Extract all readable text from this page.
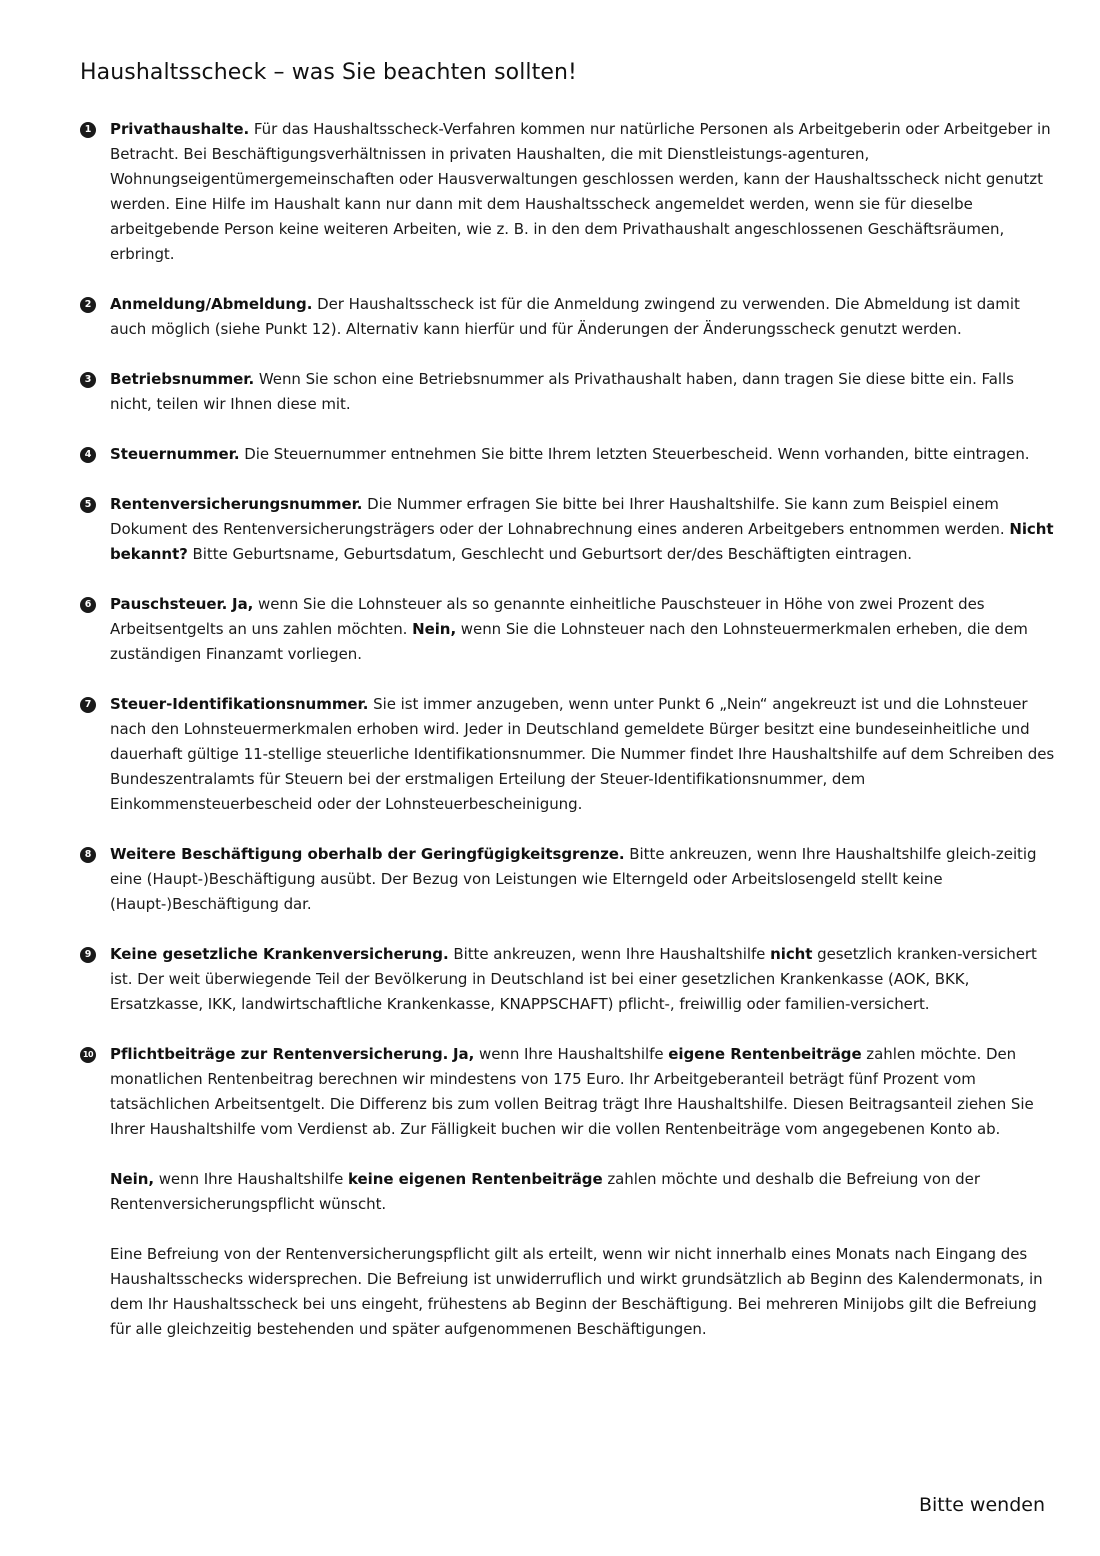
Haushaltsscheck – was Sie beachten sollten!
1	Privathaushalte. Für das Haushaltsscheck-Verfahren kommen nur natürliche Personen als Arbeitgeberin oder Arbeitgeber in Betracht. Bei Beschäftigungsverhältnissen in privaten Haushalten, die mit Dienstleistungs-agenturen, Wohnungseigentümergemeinschaften oder Hausverwaltungen geschlossen werden, kann der Haushaltsscheck nicht genutzt werden. Eine Hilfe im Haushalt kann nur dann mit dem Haushaltsscheck angemeldet werden, wenn sie für dieselbe arbeitgebende Person keine weiteren Arbeiten, wie z. B. in den dem Privathaushalt angeschlossenen Geschäftsräumen, erbringt.

2	Anmeldung/Abmeldung. Der Haushaltsscheck ist für die Anmeldung zwingend zu verwenden. Die Abmeldung ist damit auch möglich (siehe Punkt 12). Alternativ kann hierfür und für Änderungen der Änderungsscheck genutzt werden.

3	Betriebsnummer. Wenn Sie schon eine Betriebsnummer als Privathaushalt haben, dann tragen Sie diese bitte ein. Falls nicht, teilen wir Ihnen diese mit.

4	Steuernummer. Die Steuernummer entnehmen Sie bitte Ihrem letzten Steuerbescheid. Wenn vorhanden, bitte eintragen.

5	Rentenversicherungsnummer. Die Nummer erfragen Sie bitte bei Ihrer Haushaltshilfe. Sie kann zum Beispiel einem Dokument des Rentenversicherungsträgers oder der Lohnabrechnung eines anderen Arbeitgebers entnommen werden. Nicht bekannt? Bitte Geburtsname, Geburtsdatum, Geschlecht und Geburtsort der/des Beschäftigten eintragen.

6	Pauschsteuer. Ja, wenn Sie die Lohnsteuer als so genannte einheitliche Pauschsteuer in Höhe von zwei Prozent des Arbeitsentgelts an uns zahlen möchten. Nein, wenn Sie die Lohnsteuer nach den Lohnsteuermerkmalen erheben, die dem zuständigen Finanzamt vorliegen.

7	Steuer-Identifikationsnummer. Sie ist immer anzugeben, wenn unter Punkt 6 „Nein“ angekreuzt ist und die Lohnsteuer nach den Lohnsteuermerkmalen erhoben wird. Jeder in Deutschland gemeldete Bürger besitzt eine bundeseinheitliche und dauerhaft gültige 11-stellige steuerliche Identifikationsnummer. Die Nummer findet Ihre Haushaltshilfe auf dem Schreiben des Bundeszentralamts für Steuern bei der erstmaligen Erteilung der Steuer-Identifikationsnummer, dem Einkommensteuerbescheid oder der Lohnsteuerbescheinigung.

8	Weitere Beschäftigung oberhalb der Geringfügigkeitsgrenze. Bitte ankreuzen, wenn Ihre Haushaltshilfe gleich-zeitig eine (Haupt-)Beschäftigung ausübt. Der Bezug von Leistungen wie Elterngeld oder Arbeitslosengeld stellt keine (Haupt-)Beschäftigung dar.

9	Keine gesetzliche Krankenversicherung. Bitte ankreuzen, wenn Ihre Haushaltshilfe nicht gesetzlich kranken-versichert ist. Der weit überwiegende Teil der Bevölkerung in Deutschland ist bei einer gesetzlichen Krankenkasse (AOK, BKK, Ersatzkasse, IKK, landwirtschaftliche Krankenkasse, KNAPPSCHAFT) pflicht-, freiwillig oder familien-versichert.

10 Pflichtbeiträge zur Rentenversicherung. Ja, wenn Ihre Haushaltshilfe eigene Rentenbeiträge zahlen möchte. Den monatlichen Rentenbeitrag berechnen wir mindestens von 175 Euro. Ihr Arbeitgeberanteil beträgt fünf Prozent vom tatsächlichen Arbeitsentgelt. Die Differenz bis zum vollen Beitrag trägt Ihre Haushaltshilfe. Diesen Beitragsanteil ziehen Sie Ihrer Haushaltshilfe vom Verdienst ab. Zur Fälligkeit buchen wir die vollen Rentenbeiträge vom angegebenen Konto ab.

Nein, wenn Ihre Haushaltshilfe keine eigenen Rentenbeiträge zahlen möchte und deshalb die Befreiung von der Rentenversicherungspflicht wünscht.

Eine Befreiung von der Rentenversicherungspflicht gilt als erteilt, wenn wir nicht innerhalb eines Monats nach Eingang des Haushaltsschecks widersprechen. Die Befreiung ist unwiderruflich und wirkt grundsätzlich ab Beginn des Kalendermonats, in dem Ihr Haushaltsscheck bei uns eingeht, frühestens ab Beginn der Beschäftigung. Bei mehreren Minijobs gilt die Befreiung für alle gleichzeitig bestehenden und später aufgenommenen Beschäftigungen.

Bitte wenden
